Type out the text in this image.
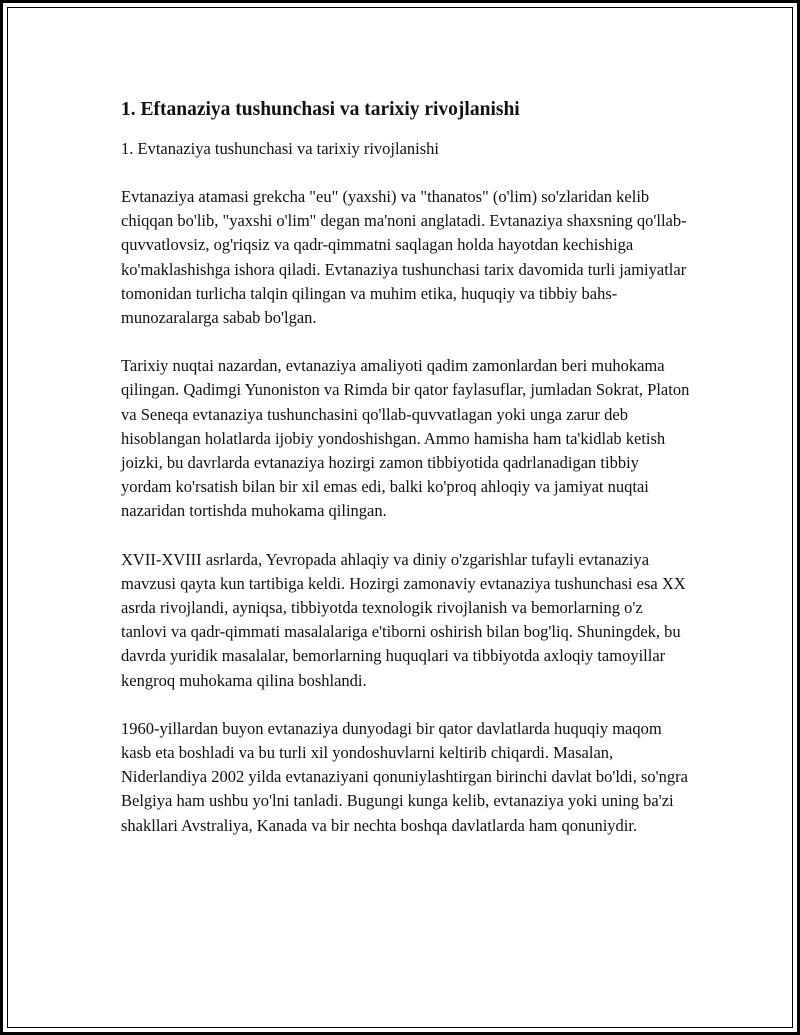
1. Eftanaziya tushunchasi va tarixiy rivojlanishi
1. Evtanaziya tushunchasi va tarixiy rivojlanishi

Evtanaziya atamasi grekcha "eu" (yaxshi) va "thanatos" (o'lim) so'zlaridan kelib chiqqan bo'lib, "yaxshi o'lim" degan ma'noni anglatadi. Evtanaziya shaxsning qo'llab-quvvatlovsiz, og'riqsiz va qadr-qimmatni saqlagan holda hayotdan kechishiga ko'maklashishga ishora qiladi. Evtanaziya tushunchasi tarix davomida turli jamiyatlar tomonidan turlicha talqin qilingan va muhim etika, huquqiy va tibbiy bahs-munozaralarga sabab bo'lgan.

Tarixiy nuqtai nazardan, evtanaziya amaliyoti qadim zamonlardan beri muhokama qilingan. Qadimgi Yunoniston va Rimda bir qator faylasuflar, jumladan Sokrat, Platon va Seneqa evtanaziya tushunchasini qo'llab-quvvatlagan yoki unga zarur deb hisoblangan holatlarda ijobiy yondoshishgan. Ammo hamisha ham ta'kidlab ketish joizki, bu davrlarda evtanaziya hozirgi zamon tibbiyotida qadrlanadigan tibbiy yordam ko'rsatish bilan bir xil emas edi, balki ko'proq ahloqiy va jamiyat nuqtai nazaridan tortishda muhokama qilingan.

XVII-XVIII asrlarda, Yevropada ahlaqiy va diniy o'zgarishlar tufayli evtanaziya mavzusi qayta kun tartibiga keldi. Hozirgi zamonaviy evtanaziya tushunchasi esa XX asrda rivojlandi, ayniqsa, tibbiyotda texnologik rivojlanish va bemorlarning o'z tanlovi va qadr-qimmati masalalariga e'tiborni oshirish bilan bog'liq. Shuningdek, bu davrda yuridik masalalar, bemorlarning huquqlari va tibbiyotda axloqiy tamoyillar kengroq muhokama qilina boshlandi.

1960-yillardan buyon evtanaziya dunyodagi bir qator davlatlarda huquqiy maqom kasb eta boshladi va bu turli xil yondoshuvlarni keltirib chiqardi. Masalan, Niderlandiya 2002 yilda evtanaziyani qonuniylashtirgan birinchi davlat bo'ldi, so'ngra Belgiya ham ushbu yo'lni tanladi. Bugungi kunga kelib, evtanaziya yoki uning ba'zi shakllari Avstraliya, Kanada va bir nechta boshqa davlatlarda ham qonuniydir.
